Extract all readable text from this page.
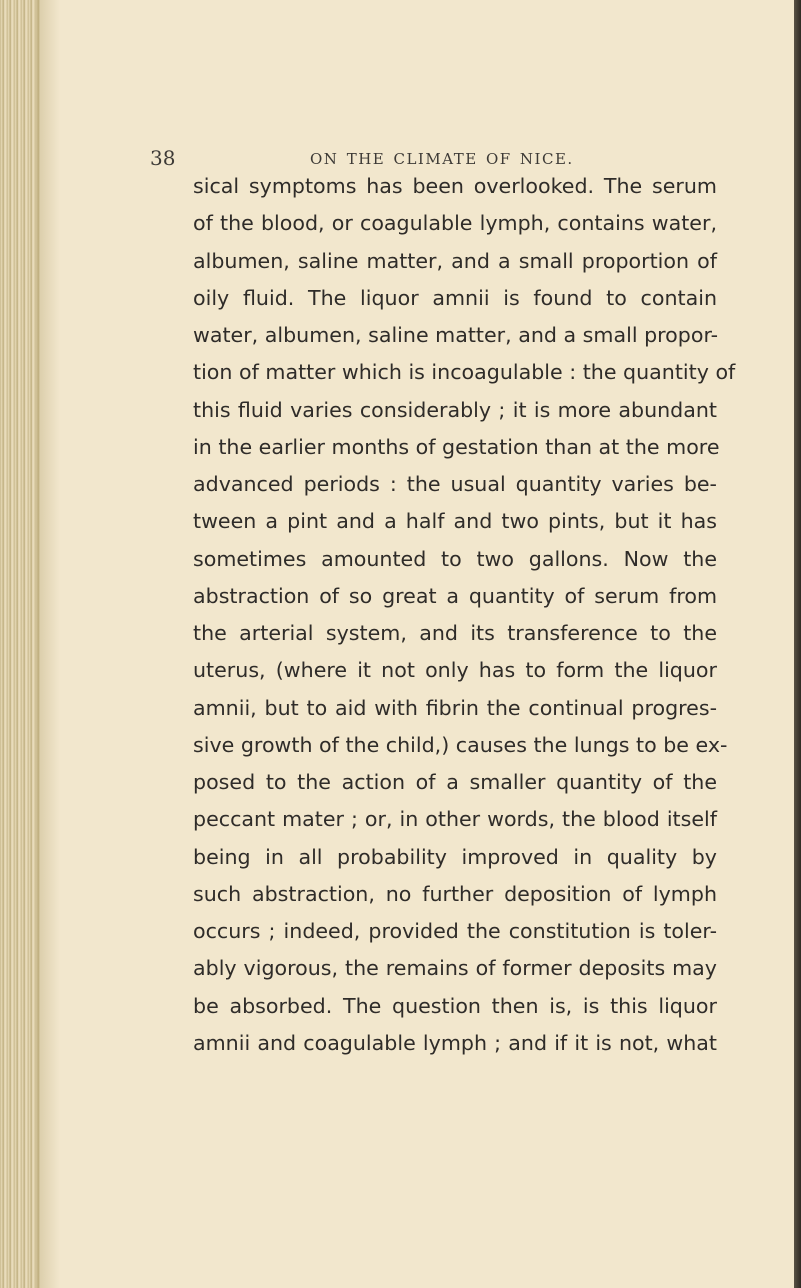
38	ON THE CLIMATE OF NICE.
sical symptoms has been overlooked. The serum
of the blood, or coagulable lymph, contains water,
albumen, saline matter, and a small proportion of
oily fluid. The liquor amnii is found to contain
water, albumen, saline matter, and a small propor-
tion of matter which is incoagulable : the quantity of
this fluid varies considerably ; it is more abundant
in the earlier months of gestation than at the more
advanced periods : the usual quantity varies be-
tween a pint and a half and two pints, but it has
sometimes amounted to two gallons. Now the
abstraction of so great a quantity of serum from
the arterial system, and its transference to the
uterus, (where it not only has to form the liquor
amnii, but to aid with fibrin the continual progres-
sive growth of the child,) causes the lungs to be ex-
posed to the action of a smaller quantity of the
peccant mater ; or, in other words, the blood itself
being in all probability improved in quality by
such abstraction, no further deposition of lymph
occurs ; indeed, provided the constitution is toler-
ably vigorous, the remains of former deposits may
be absorbed. The question then is, is this liquor
amnii and coagulable lymph ; and if it is not, what
